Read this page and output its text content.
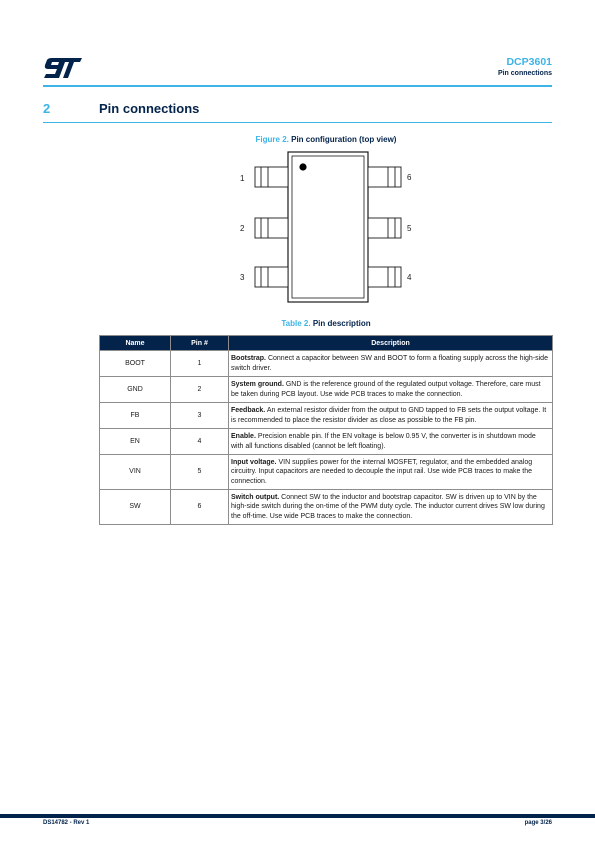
DCP3601
Pin connections
2	Pin connections
Figure 2. Pin configuration (top view)
1
2
3
6
5
4
Table 2. Pin description
Name	Pin #	Description
BOOT	1	Bootstrap. Connect a capacitor between SW and BOOT to form a floating supply across the high-side switch driver.
GND	2	System ground. GND is the reference ground of the regulated output voltage. Therefore, care must be taken during PCB layout. Use wide PCB traces to make the connection.
FB	3	Feedback. An external resistor divider from the output to GND tapped to FB sets the output voltage. It is recommended to place the resistor divider as close as possible to the FB pin.
EN	4	Enable. Precision enable pin. If the EN voltage is below 0.95 V, the converter is in shutdown mode with all functions disabled (cannot be left floating).
VIN	5	Input voltage. VIN supplies power for the internal MOSFET, regulator, and the embedded analog circuitry. Input capacitors are needed to decouple the input rail. Use wide PCB traces to make the connection.
SW	6	Switch output. Connect SW to the inductor and bootstrap capacitor. SW is driven up to VIN by the high-side switch during the on-time of the PWM duty cycle. The inductor current drives SW low during the off-time. Use wide PCB traces to make the connection.
DS14782 - Rev 1	page 3/26
